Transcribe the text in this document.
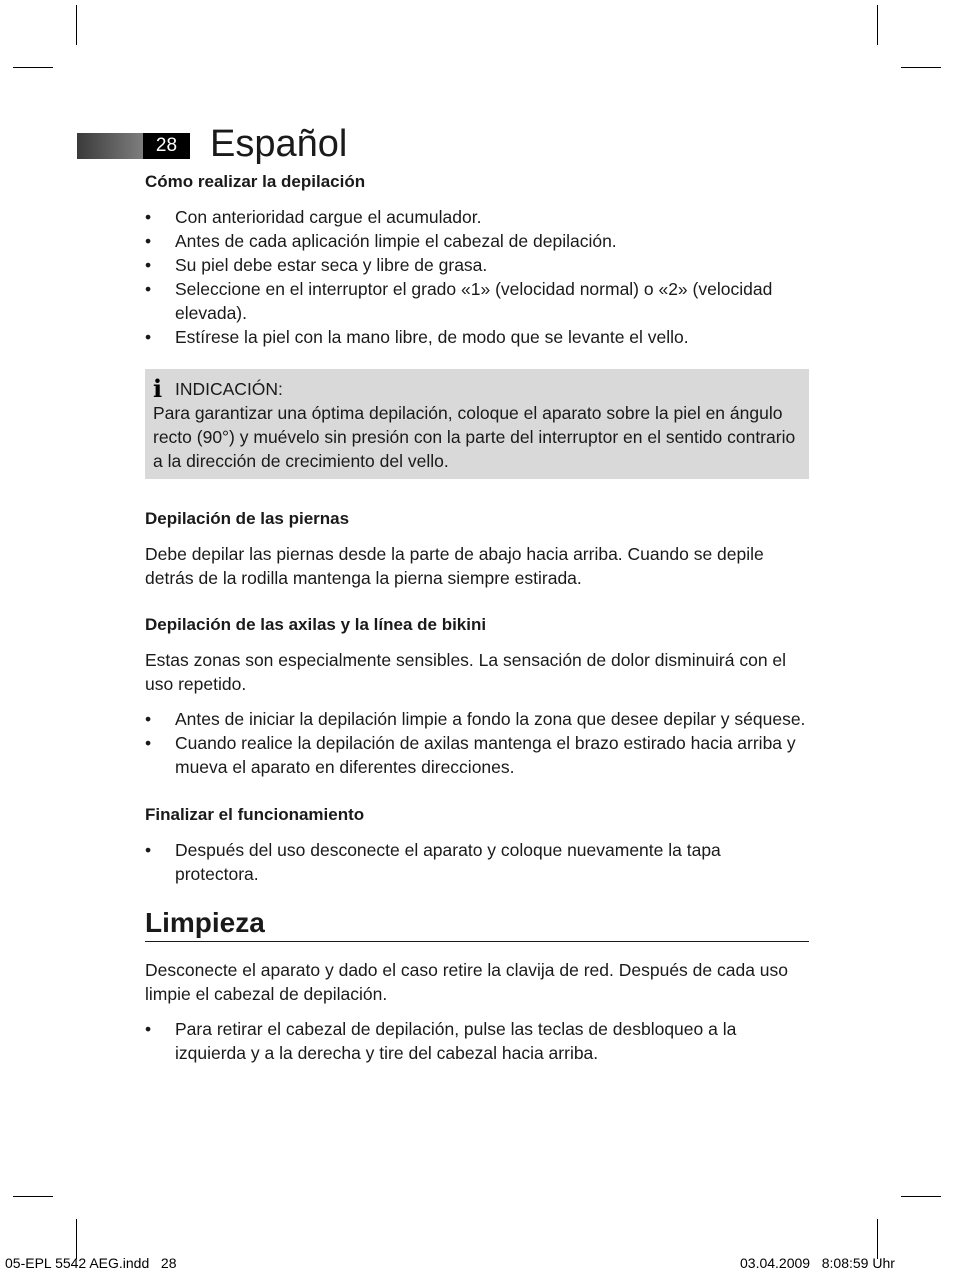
28 Español

Cómo realizar la depilación

• Con anterioridad cargue el acumulador.
• Antes de cada aplicación limpie el cabezal de depilación.
• Su piel debe estar seca y libre de grasa.
• Seleccione en el interruptor el grado «1» (velocidad normal) o «2» (velocidad elevada).
• Estírese la piel con la mano libre, de modo que se levante el vello.
i INDICACIÓN:

Para garantizar una óptima depilación, coloque el aparato sobre la piel en ángulo recto (90°) y muévelo sin presión con la parte del interruptor en el sentido contrario a la dirección de crecimiento del vello.

Depilación de las piernas

Debe depilar las piernas desde la parte de abajo hacia arriba. Cuando se depile detrás de la rodilla mantenga la pierna siempre estirada.

Depilación de las axilas y la línea de bikini

Estas zonas son especialmente sensibles. La sensación de dolor disminuirá con el uso repetido.

• Antes de iniciar la depilación limpie a fondo la zona que desee depilar y séquese.
• Cuando realice la depilación de axilas mantenga el brazo estirado hacia arriba y mueva el aparato en diferentes direcciones.

Finalizar el funcionamiento

• Después del uso desconecte el aparato y coloque nuevamente la tapa protectora.
Limpieza

Desconecte el aparato y dado el caso retire la clavija de red. Después de cada uso limpie el cabezal de depilación.

• Para retirar el cabezal de depilación, pulse las teclas de desbloqueo a la izquierda y a la derecha y tire del cabezal hacia arriba.
05-EPL 5542 AEG.indd   28	03.04.2009   8:08:59 Uhr
